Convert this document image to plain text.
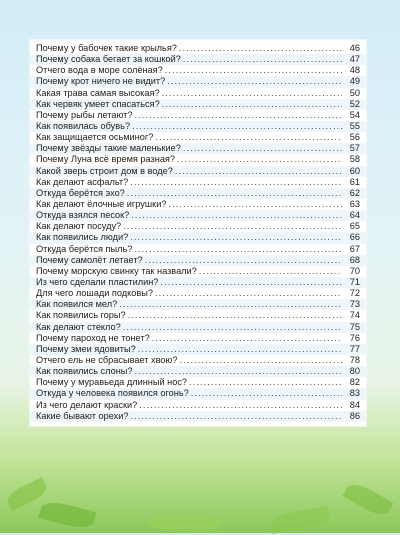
Почему у бабочек такие крылья? .....	46
Почему собака бегает за кошкой? .....	47
Отчего вода в море солёная? .....	48
Почему крот ничего не видит? .....	49
Какая трава самая высокая? .....	50
Как червяк умеет спасаться? .....	52
Почему рыбы летают? .....	54
Как появилась обувь? .....	55
Как защищается осьминог? .....	56
Почему звёзды такие маленькие? .....	57
Почему Луна всё время разная? .....	58
Какой зверь строит дом в воде? .....	60
Как делают асфальт? .....	61
Откуда берётся эхо? .....	62
Как делают ёлочные игрушки? .....	63
Откуда взялся песок? .....	64
Как делают посуду? .....	65
Как появились люди? .....	66
Откуда берётся пыль? .....	67
Почему самолёт летает? .....	68
Почему морскую свинку так назвали? .....	70
Из чего сделали пластилин? .....	71
Для чего лошади подковы? .....	72
Как появился мел? .....	73
Как появились горы? .....	74
Как делают стекло? .....	75
Почему пароход не тонет? .....	76
Почему змеи ядовиты? .....	77
Отчего ель не сбрасывает хвою? .....	78
Как появились слоны? .....	80
Почему у муравьеда длинный нос? .....	82
Откуда у человека появился огонь? .....	83
Из чего делают краски? .....	84
Какие бывают орехи? .....	86
